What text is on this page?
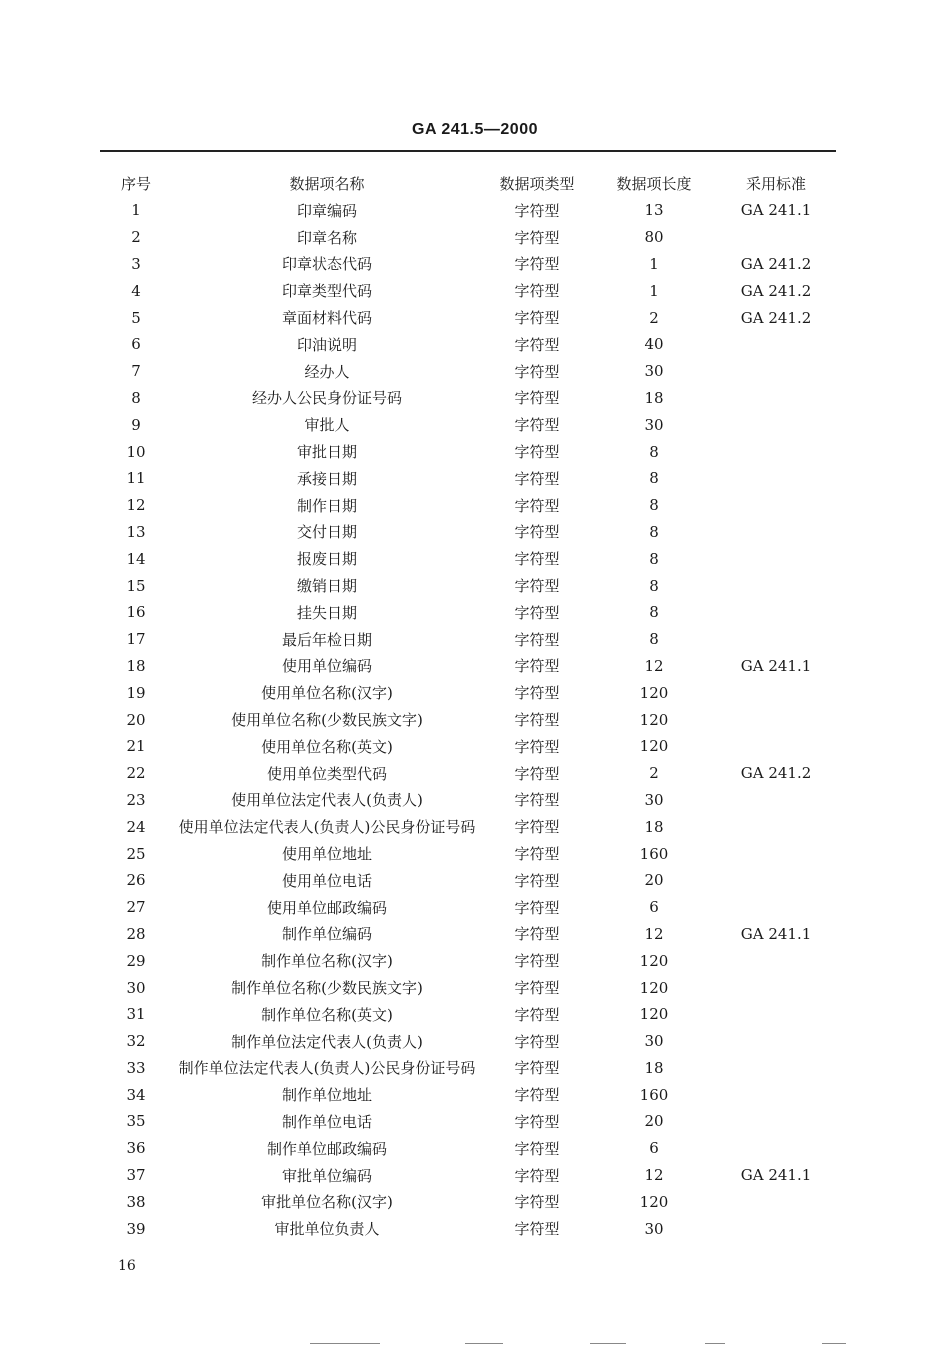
GA 241.5—2000
序号	数据项名称	数据项类型	数据项长度	采用标准
1	印章编码	字符型	13	GA 241.1
2	印章名称	字符型	80	
3	印章状态代码	字符型	1	GA 241.2
4	印章类型代码	字符型	1	GA 241.2
5	章面材料代码	字符型	2	GA 241.2
6	印油说明	字符型	40	
7	经办人	字符型	30	
8	经办人公民身份证号码	字符型	18	
9	审批人	字符型	30	
10	审批日期	字符型	8	
11	承接日期	字符型	8	
12	制作日期	字符型	8	
13	交付日期	字符型	8	
14	报废日期	字符型	8	
15	缴销日期	字符型	8	
16	挂失日期	字符型	8	
17	最后年检日期	字符型	8	
18	使用单位编码	字符型	12	GA 241.1
19	使用单位名称(汉字)	字符型	120	
20	使用单位名称(少数民族文字)	字符型	120	
21	使用单位名称(英文)	字符型	120	
22	使用单位类型代码	字符型	2	GA 241.2
23	使用单位法定代表人(负责人)	字符型	30	
24	使用单位法定代表人(负责人)公民身份证号码	字符型	18	
25	使用单位地址	字符型	160	
26	使用单位电话	字符型	20	
27	使用单位邮政编码	字符型	6	
28	制作单位编码	字符型	12	GA 241.1
29	制作单位名称(汉字)	字符型	120	
30	制作单位名称(少数民族文字)	字符型	120	
31	制作单位名称(英文)	字符型	120	
32	制作单位法定代表人(负责人)	字符型	30	
33	制作单位法定代表人(负责人)公民身份证号码	字符型	18	
34	制作单位地址	字符型	160	
35	制作单位电话	字符型	20	
36	制作单位邮政编码	字符型	6	
37	审批单位编码	字符型	12	GA 241.1
38	审批单位名称(汉字)	字符型	120	
39	审批单位负责人	字符型	30	
16
